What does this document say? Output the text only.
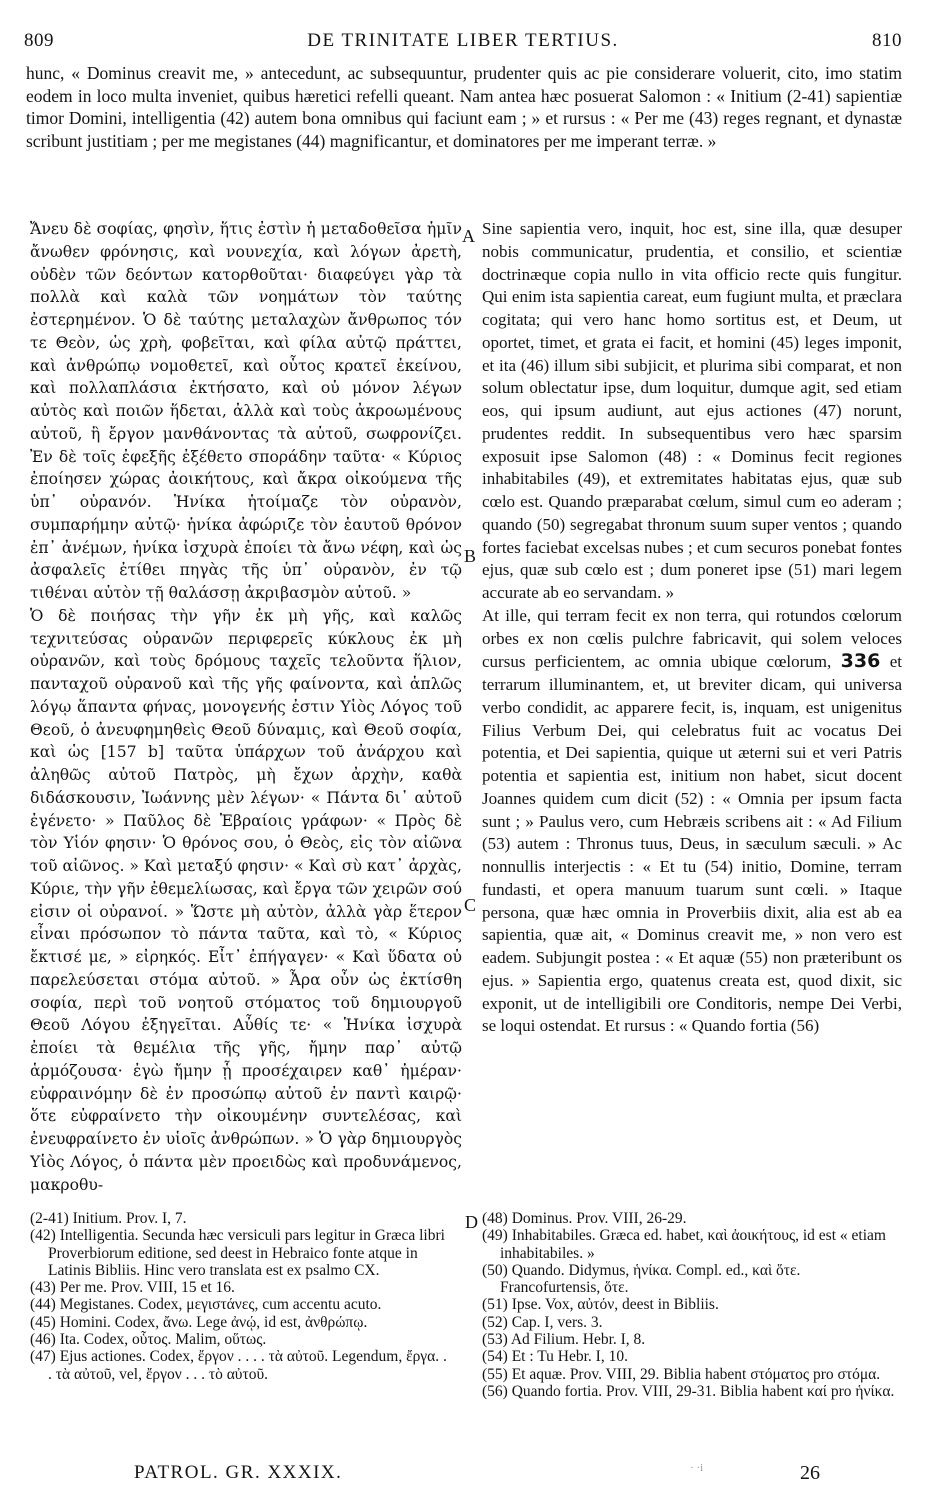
809	DE TRINITATE LIBER TERTIUS.	810
hunc, « Dominus creavit me, » antecedunt, ac subsequuntur, prudenter quis ac pie considerare voluerit, cito, imo statim eodem in loco multa inveniet, quibus hæretici refelli queant. Nam antea hæc posuerat Salomon : « Initium (2-41) sapientiæ timor Domini, intelligentia (42) autem bona omnibus qui faciunt eam ; » et rursus : « Per me (43) reges regnant, et dynastæ scribunt justitiam ; per me megistanes (44) magnificantur, et dominatores per me imperant terræ. »

Ἄνευ δὲ σοφίας, φησὶν, ἥτις ἐστὶν ἡ μεταδοθεῖσα ἡμῖν ἄνωθεν φρόνησις, καὶ νουνεχία, καὶ λόγων ἀρετὴ, οὐδὲν τῶν δεόντων κατορθοῦται· διαφεύγει γὰρ τὰ πολλὰ καὶ καλὰ τῶν νοημάτων τὸν ταύτης ἐστερημένον. Ὁ δὲ ταύτης μεταλαχὼν ἄνθρωπος τόν τε Θεὸν, ὡς χρὴ, φοβεῖται, καὶ φίλα αὐτῷ πράττει, καὶ ἀνθρώπῳ νομοθετεῖ, καὶ οὗτος κρατεῖ ἐκείνου, καὶ πολλαπλάσια ἐκτήσατο, καὶ οὐ μόνον λέγων αὐτὸς καὶ ποιῶν ἥδεται, ἀλλὰ καὶ τοὺς ἀκροωμένους αὐτοῦ, ἢ ἔργον μανθάνοντας τὰ αὐτοῦ, σωφρονίζει. Ἐν δὲ τοῖς ἐφεξῆς ἐξέθετο σποράδην ταῦτα· « Κύριος ἐποίησεν χώρας ἀοικήτους, καὶ ἄκρα οἰκούμενα τῆς ὑπ᾽ οὐρανόν. Ἡνίκα ἡτοίμαζε τὸν οὐρανὸν, συμπαρήμην αὐτῷ· ἡνίκα ἀφώριζε τὸν ἑαυτοῦ θρόνον ἐπ᾽ ἀνέμων, ἡνίκα ἰσχυρὰ ἐποίει τὰ ἄνω νέφη, καὶ ὡς ἀσφαλεῖς ἐτίθει πηγὰς τῆς ὑπ᾽ οὐρανὸν, ἐν τῷ τιθέναι αὐτὸν τῇ θαλάσσῃ ἀκριβασμὸν αὐτοῦ. »

Ὁ δὲ ποιήσας τὴν γῆν ἐκ μὴ γῆς, καὶ καλῶς τεχνιτεύσας οὐρανῶν περιφερεῖς κύκλους ἐκ μὴ οὐρανῶν, καὶ τοὺς δρόμους ταχεῖς τελοῦντα ἥλιον, πανταχοῦ οὐρανοῦ καὶ τῆς γῆς φαίνοντα, καὶ ἁπλῶς λόγῳ ἅπαντα φήνας, μονογενής ἐστιν Υἱὸς Λόγος τοῦ Θεοῦ, ὁ ἀνευφημηθεὶς Θεοῦ δύναμις, καὶ Θεοῦ σοφία, καὶ ὡς [157 b] ταῦτα ὑπάρχων τοῦ ἀνάρχου καὶ ἀληθῶς αὐτοῦ Πατρὸς, μὴ ἔχων ἀρχὴν, καθὰ διδάσκουσιν, Ἰωάννης μὲν λέγων· « Πάντα δι᾽ αὐτοῦ ἐγένετο· » Παῦλος δὲ Ἑβραίοις γράφων· « Πρὸς δὲ τὸν Υἱόν φησιν· Ὁ θρόνος σου, ὁ Θεὸς, εἰς τὸν αἰῶνα τοῦ αἰῶνος. » Καὶ μεταξύ φησιν· « Καὶ σὺ κατ᾽ ἀρχὰς, Κύριε, τὴν γῆν ἐθεμελίωσας, καὶ ἔργα τῶν χειρῶν σού εἰσιν οἱ οὐρανοί. » Ὥστε μὴ αὐτὸν, ἀλλὰ γὰρ ἕτερον εἶναι πρόσωπον τὸ πάντα ταῦτα, καὶ τὸ, « Κύριος ἔκτισέ με, » εἰρηκός. Εἶτ᾽ ἐπήγαγεν· « Καὶ ὕδατα οὐ παρελεύσεται στόμα αὐτοῦ. » Ἆρα οὖν ὡς ἐκτίσθη σοφία, περὶ τοῦ νοητοῦ στόματος τοῦ δημιουργοῦ Θεοῦ Λόγου ἐξηγεῖται. Αὖθίς τε· « Ἡνίκα ἰσχυρὰ ἐποίει τὰ θεμέλια τῆς γῆς, ἤμην παρ᾽ αὐτῷ ἁρμόζουσα· ἐγὼ ἤμην ᾗ προσέχαιρεν καθ᾽ ἡμέραν· εὐφραινόμην δὲ ἐν προσώπῳ αὐτοῦ ἐν παντὶ καιρῷ· ὅτε εὐφραίνετο τὴν οἰκουμένην συντελέσας, καὶ ἐνευφραίνετο ἐν υἱοῖς ἀνθρώπων. » Ὁ γὰρ δημιουργὸς Υἱὸς Λόγος, ὁ πάντα μὲν προειδὼς καὶ προδυνάμενος, μακροθυ-

A
B
C
D

Sine sapientia vero, inquit, hoc est, sine illa, quæ desuper nobis communicatur, prudentia, et consilio, et scientiæ doctrinæque copia nullo in vita officio recte quis fungitur. Qui enim ista sapientia careat, eum fugiunt multa, et præclara cogitata; qui vero hanc homo sortitus est, et Deum, ut oportet, timet, et grata ei facit, et homini (45) leges imponit, et ita (46) illum sibi subjicit, et plurima sibi comparat, et non solum oblectatur ipse, dum loquitur, dumque agit, sed etiam eos, qui ipsum audiunt, aut ejus actiones (47) norunt, prudentes reddit. In subsequentibus vero hæc sparsim exposuit ipse Salomon (48) : « Dominus fecit regiones inhabitabiles (49), et extremitates habitatas ejus, quæ sub cœlo est. Quando præparabat cœlum, simul cum eo aderam ; quando (50) segregabat thronum suum super ventos ; quando fortes faciebat excelsas nubes ; et cum securos ponebat fontes ejus, quæ sub cœlo est ; dum poneret ipse (51) mari legem accurate ab eo servandam. »

At ille, qui terram fecit ex non terra, qui rotundos cœlorum orbes ex non cœlis pulchre fabricavit, qui solem veloces cursus perficientem, ac omnia ubique cœlorum, 336 et terrarum illuminantem, et, ut breviter dicam, qui universa verbo condidit, ac apparere fecit, is, inquam, est unigenitus Filius Verbum Dei, qui celebratus fuit ac vocatus Dei potentia, et Dei sapientia, quique ut æterni sui et veri Patris potentia et sapientia est, initium non habet, sicut docent Joannes quidem cum dicit (52) : « Omnia per ipsum facta sunt ; » Paulus vero, cum Hebræis scribens ait : « Ad Filium (53) autem : Thronus tuus, Deus, in sæculum sæculi. » Ac nonnullis interjectis : « Et tu (54) initio, Domine, terram fundasti, et opera manuum tuarum sunt cœli. » Itaque persona, quæ hæc omnia in Proverbiis dixit, alia est ab ea sapientia, quæ ait, « Dominus creavit me, » non vero est eadem. Subjungit postea : « Et aquæ (55) non præteribunt os ejus. » Sapientia ergo, quatenus creata est, quod dixit, sic exponit, ut de intelligibili ore Conditoris, nempe Dei Verbi, se loqui ostendat. Et rursus : « Quando fortia (56)

(2-41) Initium. Prov. I, 7.

(42) Intelligentia. Secunda hæc versiculi pars legitur in Græca libri Proverbiorum editione, sed deest in Hebraico fonte atque in Latinis Bibliis. Hinc vero translata est ex psalmo CX.

(43) Per me. Prov. VIII, 15 et 16.

(44) Megistanes. Codex, μεγιστάνες, cum accentu acuto.

(45) Homini. Codex, ἄνω. Lege ἀνῴ, id est, ἀνθρώπῳ.

(46) Ita. Codex, οὗτος. Malim, οὕτως.

(47) Ejus actiones. Codex, ἔργον . . . . τὰ αὐτοῦ. Legendum, ἔργα. . . τὰ αὐτοῦ, vel, ἔργον . . . τὸ αὐτοῦ.

(48) Dominus. Prov. VIII, 26-29.

(49) Inhabitabiles. Græca ed. habet, καὶ ἀοικήτους, id est « etiam inhabitabiles. »

(50) Quando. Didymus, ἡνίκα. Compl. ed., καὶ ὅτε. Francofurtensis, ὅτε.

(51) Ipse. Vox, αὐτόν, deest in Bibliis.

(52) Cap. I, vers. 3.

(53) Ad Filium. Hebr. I, 8.

(54) Et : Tu Hebr. I, 10.

(55) Et aquæ. Prov. VIII, 29. Biblia habent στόματος pro στόμα.

(56) Quando fortia. Prov. VIII, 29-31. Biblia habent καί pro ἡνίκα.

PATROL. GR. XXXIX.	· ·i	26
